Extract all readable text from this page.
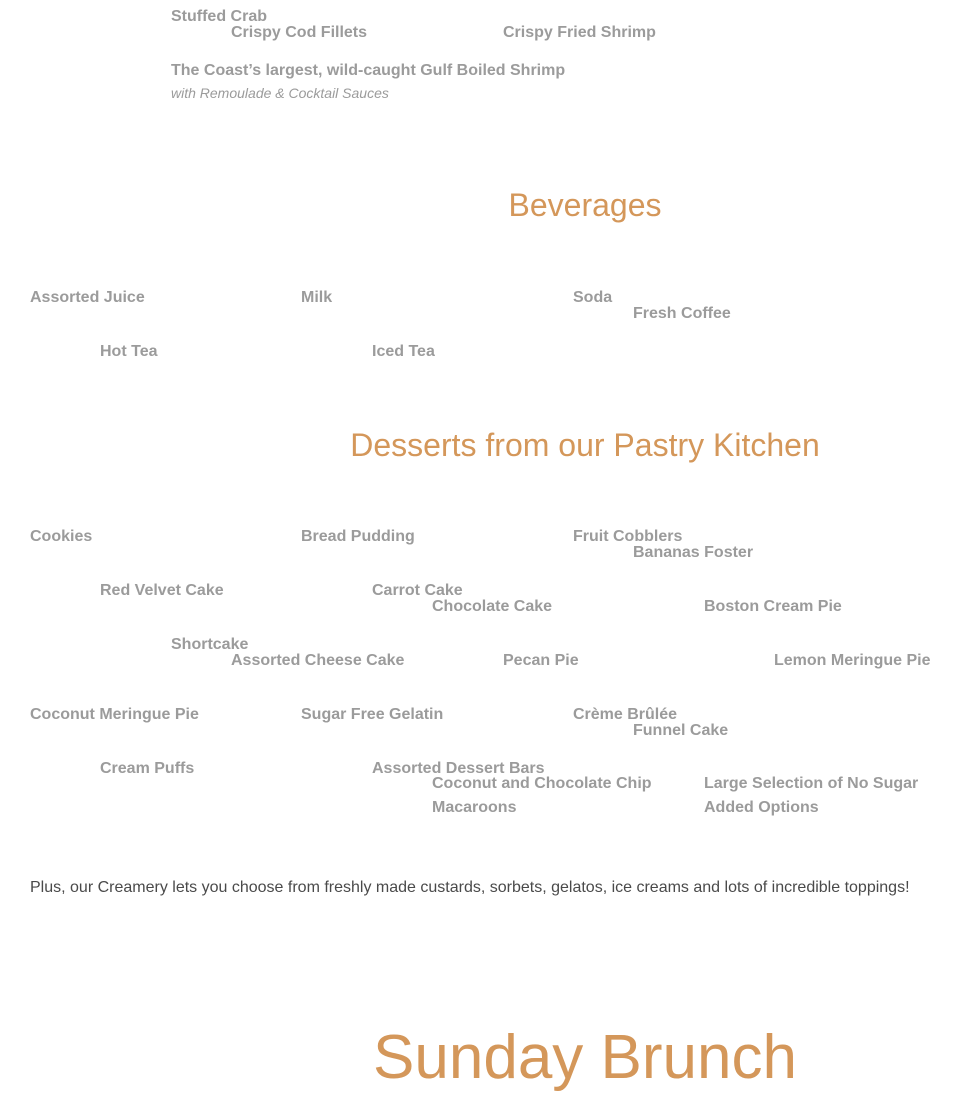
Stuffed Crab
Crispy Cod Fillets	Crispy Fried Shrimp
The Coast’s largest, wild-caught Gulf Boiled Shrimp
with Remoulade & Cocktail Sauces
Beverages
Assorted Juice	Milk	Soda
Fresh Coffee
Hot Tea	Iced Tea
Desserts from our Pastry Kitchen
Cookies	Bread Pudding	Fruit Cobblers
Bananas Foster
Red Velvet Cake	Carrot Cake
Chocolate Cake	Boston Cream Pie
Shortcake
Assorted Cheese Cake	Pecan Pie	Lemon Meringue Pie
Coconut Meringue Pie	Sugar Free Gelatin	Crème Brûlée
Funnel Cake
Cream Puffs	Assorted Dessert Bars
Coconut and Chocolate Chip Macaroons
Large Selection of No Sugar Added Options
Plus, our Creamery lets you choose from freshly made custards, sorbets, gelatos, ice creams and lots of incredible toppings!
Sunday Brunch
